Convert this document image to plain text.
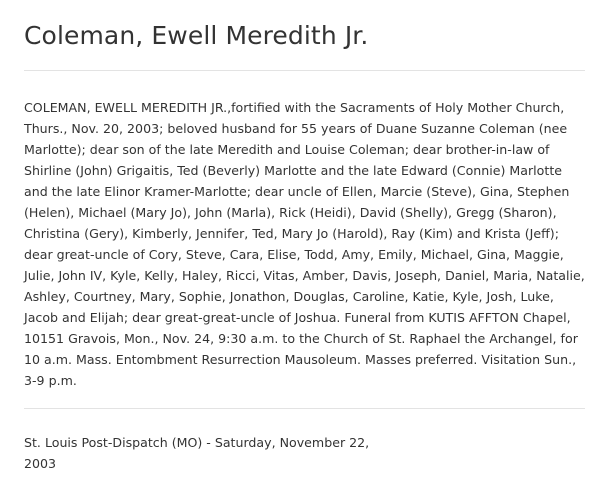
Coleman, Ewell Meredith Jr.

COLEMAN, EWELL MEREDITH JR.,fortified with the Sacraments of Holy Mother Church, Thurs., Nov. 20, 2003; beloved husband for 55 years of Duane Suzanne Coleman (nee Marlotte); dear son of the late Meredith and Louise Coleman; dear brother-in-law of Shirline (John) Grigaitis, Ted (Beverly) Marlotte and the late Edward (Connie) Marlotte and the late Elinor Kramer-Marlotte; dear uncle of Ellen, Marcie (Steve), Gina, Stephen (Helen), Michael (Mary Jo), John (Marla), Rick (Heidi), David (Shelly), Gregg (Sharon), Christina (Gery), Kimberly, Jennifer, Ted, Mary Jo (Harold), Ray (Kim) and Krista (Jeff); dear great-uncle of Cory, Steve, Cara, Elise, Todd, Amy, Emily, Michael, Gina, Maggie, Julie, John IV, Kyle, Kelly, Haley, Ricci, Vitas, Amber, Davis, Joseph, Daniel, Maria, Natalie, Ashley, Courtney, Mary, Sophie, Jonathon, Douglas, Caroline, Katie, Kyle, Josh, Luke, Jacob and Elijah; dear great-great-uncle of Joshua. Funeral from KUTIS AFFTON Chapel, 10151 Gravois, Mon., Nov. 24, 9:30 a.m. to the Church of St. Raphael the Archangel, for 10 a.m. Mass. Entombment Resurrection Mausoleum. Masses preferred. Visitation Sun., 3-9 p.m.

St. Louis Post-Dispatch (MO) - Saturday, November 22, 2003
